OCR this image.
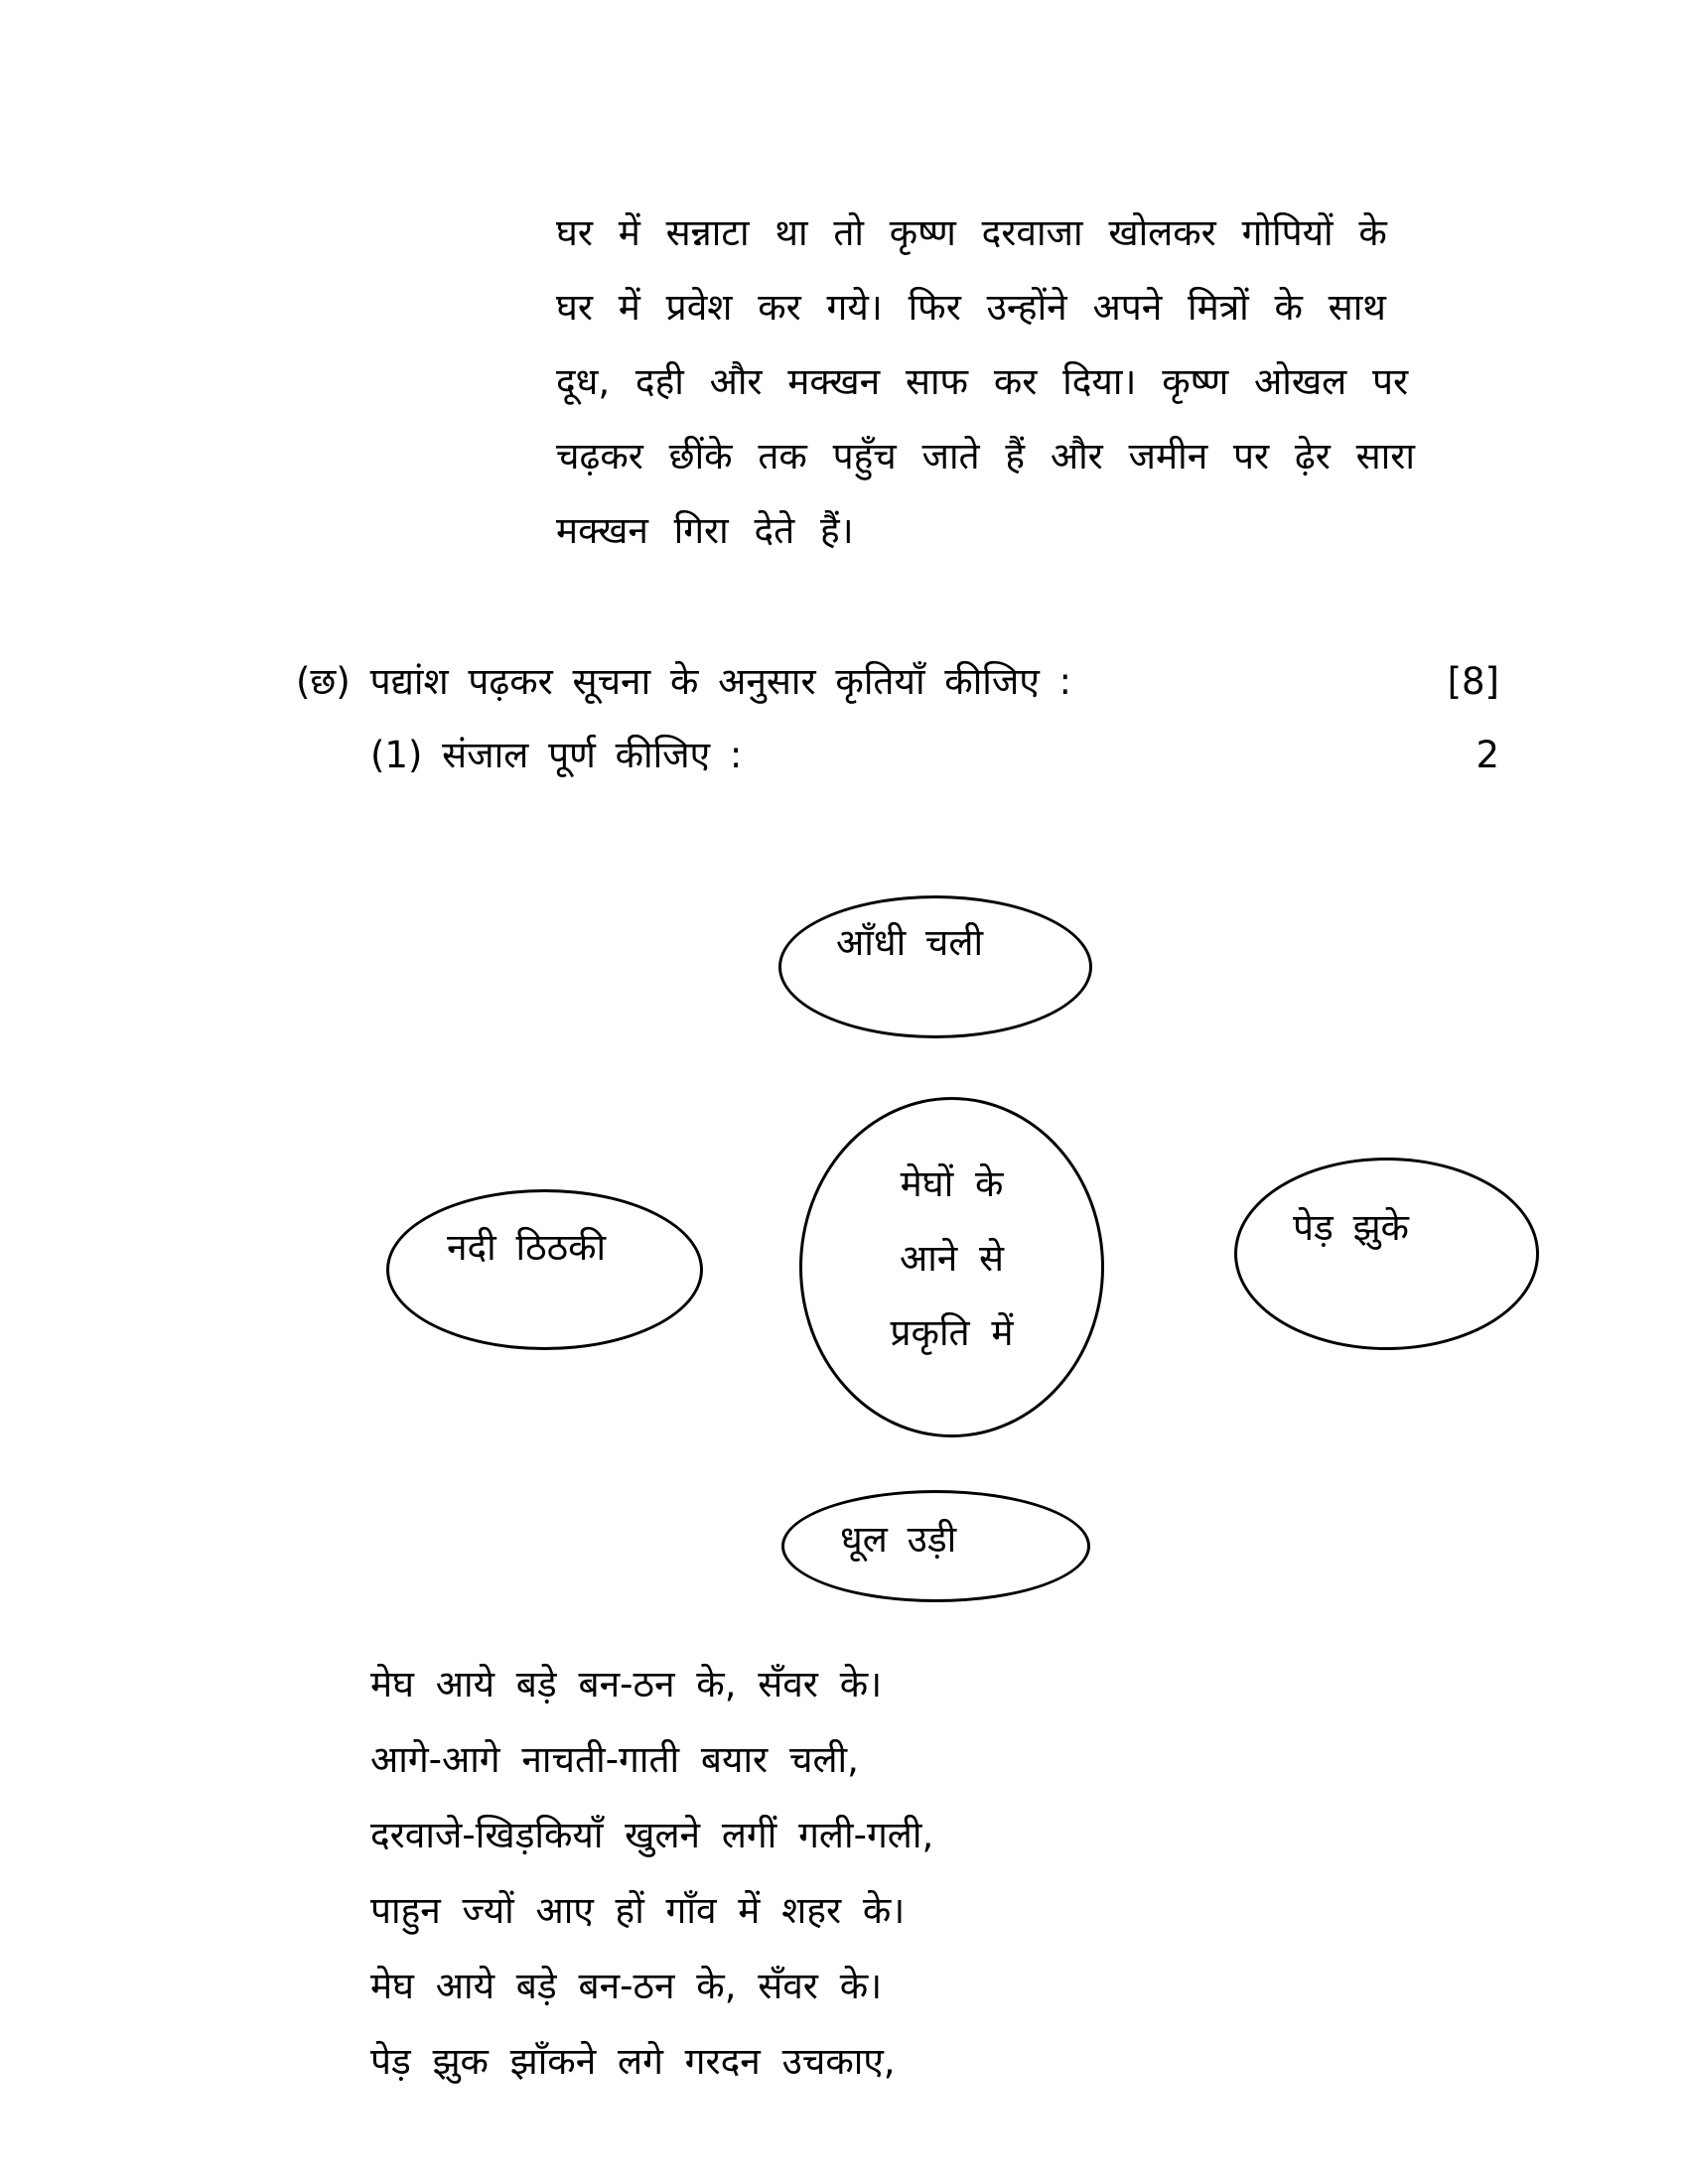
घर में सन्नाटा था तो कृष्ण दरवाजा खोलकर गोपियों के
घर में प्रवेश कर गये। फिर उन्होंने अपने मित्रों के साथ
दूध, दही और मक्खन साफ कर दिया। कृष्ण ओखल पर
चढ़कर छींके तक पहुँच जाते हैं और जमीन पर ढ़ेर सारा
मक्खन गिरा देते हैं।
(छ) पद्यांश पढ़कर सूचना के अनुसार कृतियाँ कीजिए :	[8]
(1) संजाल पूर्ण कीजिए :	2
आँधी चली
नदी ठिठकी
मेघों के
आने से
प्रकृति में
पेड़ झुके
धूल उड़ी
मेघ आये बड़े बन-ठन के, सँवर के।
आगे-आगे नाचती-गाती बयार चली,
दरवाजे-खिड़कियाँ खुलने लगीं गली-गली,
पाहुन ज्यों आए हों गाँव में शहर के।
मेघ आये बड़े बन-ठन के, सँवर के।
पेड़ झुक झाँकने लगे गरदन उचकाए,
